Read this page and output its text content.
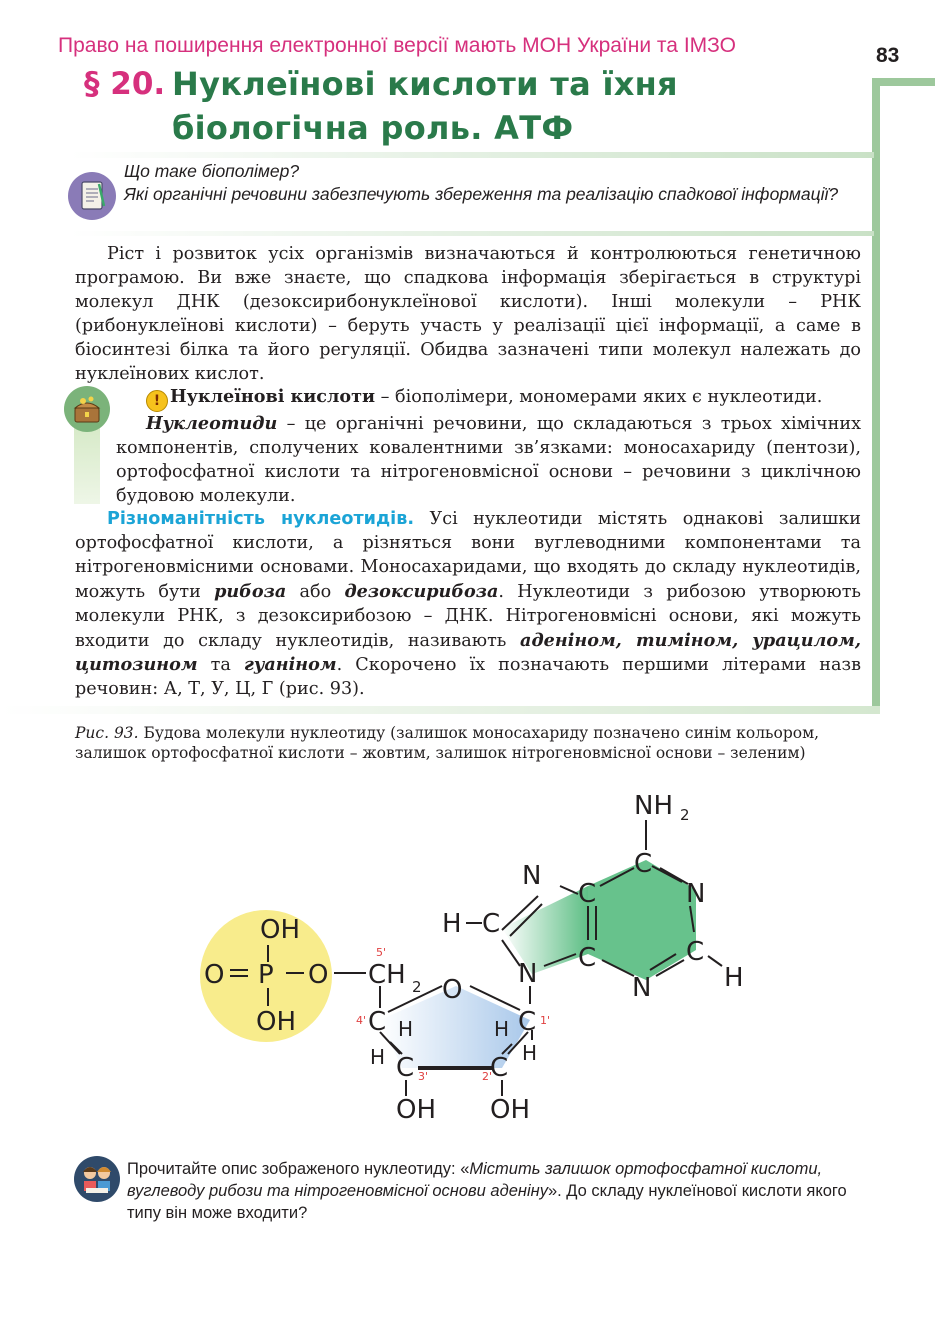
Право на поширення електронної версії мають МОН України та ІМЗО	83
§ 20. Нуклеїнові кислоти та їхня біологічна роль. АТФ
Що таке біополімер?
Які органічні речовини забезпечують збереження та реалізацію спадкової інформації?
Ріст і розвиток усіх організмів визначаються й контролюються генетичною програмою. Ви вже знаєте, що спадкова інформація зберігається в структурі молекул ДНК (дезоксирибонуклеїнової кислоти). Інші молекули – РНК (рибонуклеїнові кислоти) – беруть участь у реалізації цієї інформації, а саме в біосинтезі білка та його регуляції. Обидва зазначені типи молекул належать до нуклеїнових кислот.
! Нуклеїнові кислоти – біополімери, мономерами яких є нуклеотиди.
Нуклеотиди – це органічні речовини, що складаються з трьох хімічних компонентів, сполучених ковалентними зв’язками: моносахариду (пентози), ортофосфатної кислоти та нітрогеновмісної основи – речовини з циклічною будовою молекули.
Різноманітність нуклеотидів. Усі нуклеотиди містять однакові залишки ортофосфатної кислоти, а різняться вони вуглеводними компонентами та нітрогеновмісними основами. Моносахаридами, що входять до складу нуклеотидів, можуть бути рибоза або дезоксирибоза. Нуклеотиди з рибозою утворюють молекули РНК, з дезоксирибозою – ДНК. Нітрогеновмісні основи, які можуть входити до складу нуклеотидів, називають аденіном, тиміном, урацилом, цитозином та гуаніном. Скорочено їх позначають першими літерами назв речовин: А, Т, У, Ц, Г (рис. 93).
Рис. 93. Будова молекули нуклеотиду (залишок моносахариду позначено синім кольором, залишок ортофосфатної кислоти – жовтим, залишок нітрогеновмісної основи – зеленим)
OH
O P O
OH
CH 2
C
O
C
C	C
OH OH
H
H
H
H
N
C
H
N
C
C
C
NH 2
N
C
H
N
5'
4'
3'	2'
1'
Прочитайте опис зображеного нуклеотиду: «Містить залишок ортофосфатної кислоти, вуглеводу рибози та нітрогеновмісної основи аденіну». До складу нуклеїнової кислоти якого типу він може входити?
